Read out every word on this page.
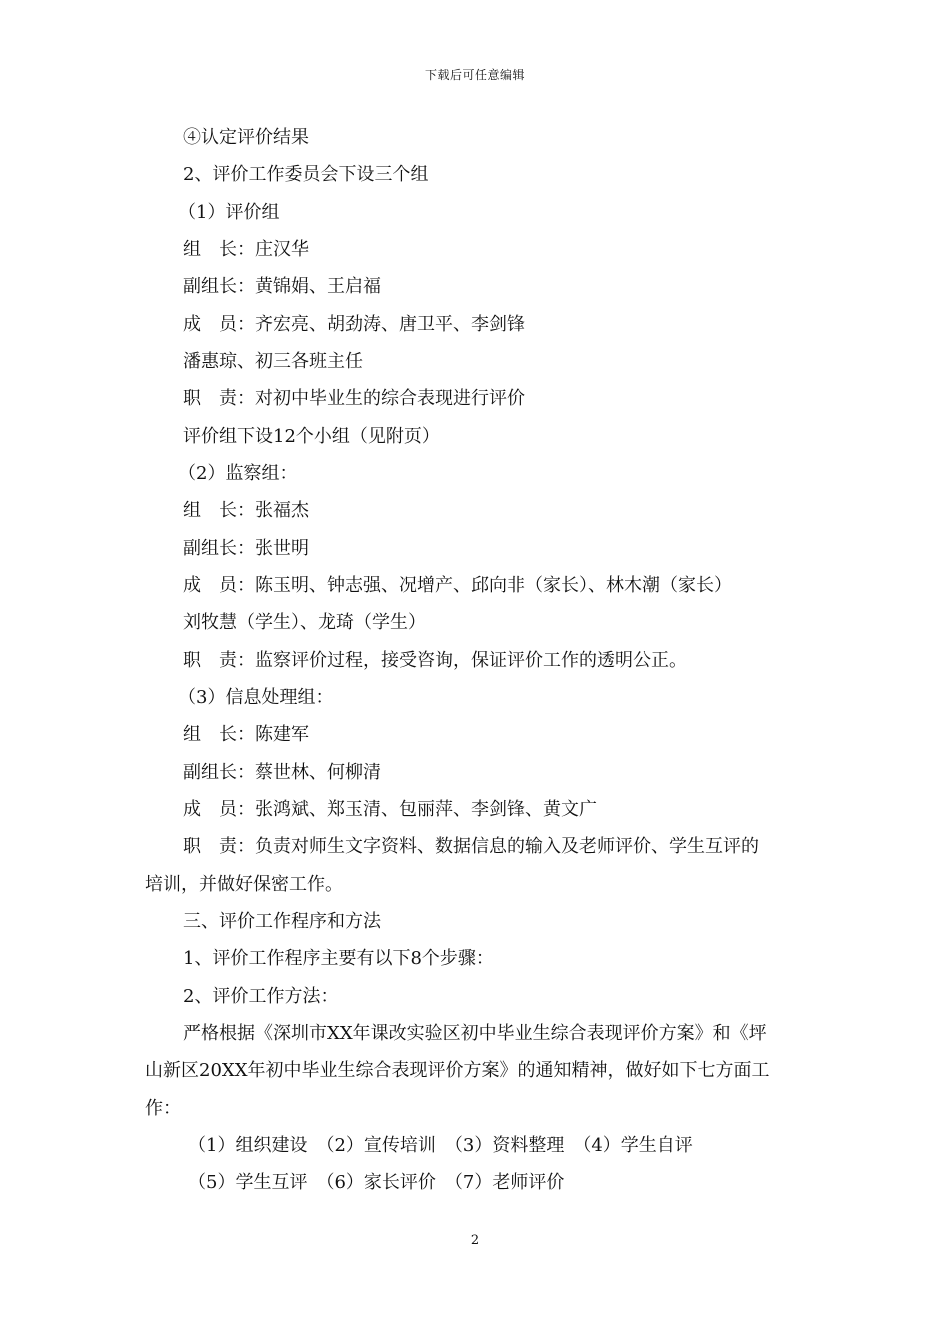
下载后可任意编辑
④认定评价结果
2、评价工作委员会下设三个组
（1）评价组
组　长：庄汉华
副组长：黄锦娟、王启福
成　员：齐宏亮、胡劲涛、唐卫平、李剑锋
潘惠琼、初三各班主任
职　责：对初中毕业生的综合表现进行评价
评价组下设12个小组（见附页）
（2）监察组：
组　长：张福杰
副组长：张世明
成　员：陈玉明、钟志强、况增产、邱向非（家长）、林木潮（家长）
刘牧慧（学生）、龙琦（学生）
职　责：监察评价过程，接受咨询，保证评价工作的透明公正。
（3）信息处理组：
组　长：陈建军
副组长：蔡世林、何柳清
成　员：张鸿斌、郑玉清、包丽萍、李剑锋、黄文广
职　责：负责对师生文字资料、数据信息的输入及老师评价、学生互评的
培训，并做好保密工作。
三、评价工作程序和方法
1、评价工作程序主要有以下8个步骤：
2、评价工作方法：
严格根据《深圳市XX年课改实验区初中毕业生综合表现评价方案》和《坪
山新区20XX年初中毕业生综合表现评价方案》的通知精神，做好如下七方面工
作：
（1）组织建设　（2）宣传培训　（3）资料整理　（4）学生自评
（5）学生互评　（6）家长评价　（7）老师评价
2
